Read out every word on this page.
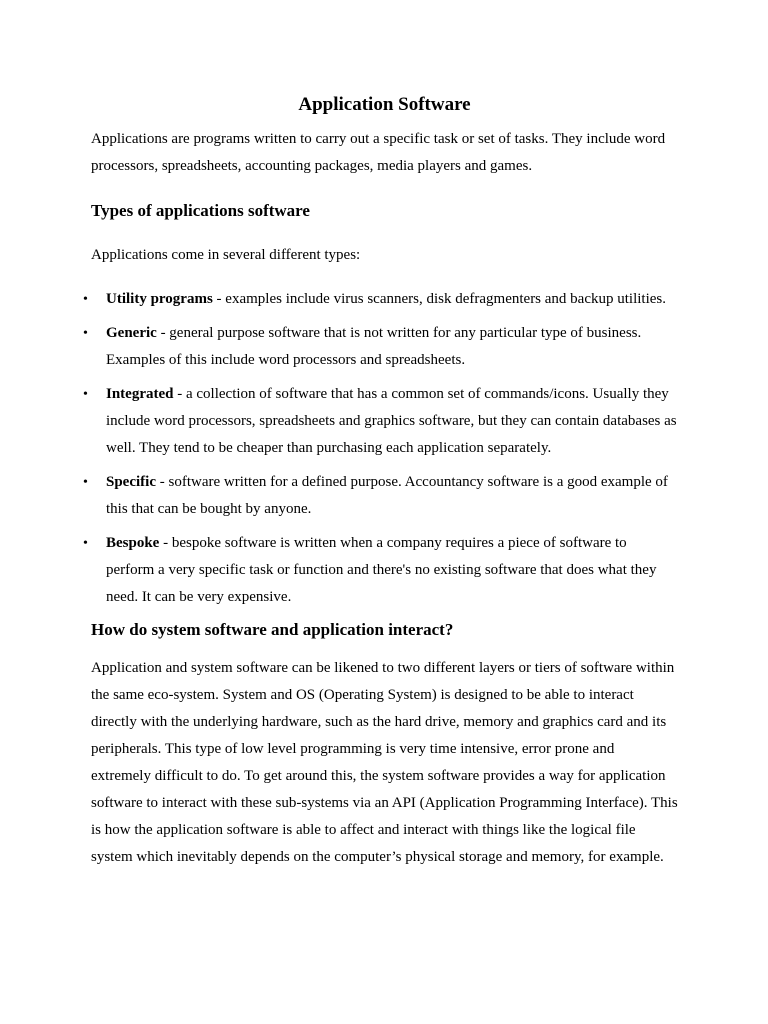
Application Software

Applications are programs written to carry out a specific task or set of tasks. They include word processors, spreadsheets, accounting packages, media players and games.

Types of applications software

Applications come in several different types:

• Utility programs - examples include virus scanners, disk defragmenters and backup utilities.
• Generic - general purpose software that is not written for any particular type of business. Examples of this include word processors and spreadsheets.
• Integrated - a collection of software that has a common set of commands/icons. Usually they include word processors, spreadsheets and graphics software, but they can contain databases as well. They tend to be cheaper than purchasing each application separately.
• Specific - software written for a defined purpose. Accountancy software is a good example of this that can be bought by anyone.
• Bespoke - bespoke software is written when a company requires a piece of software to perform a very specific task or function and there's no existing software that does what they need. It can be very expensive.
How do system software and application interact?

Application and system software can be likened to two different layers or tiers of software within the same eco-system. System and OS (Operating System) is designed to be able to interact directly with the underlying hardware, such as the hard drive, memory and graphics card and its peripherals. This type of low level programming is very time intensive, error prone and extremely difficult to do. To get around this, the system software provides a way for application software to interact with these sub-systems via an API (Application Programming Interface). This is how the application software is able to affect and interact with things like the logical file system which inevitably depends on the computer’s physical storage and memory, for example.
